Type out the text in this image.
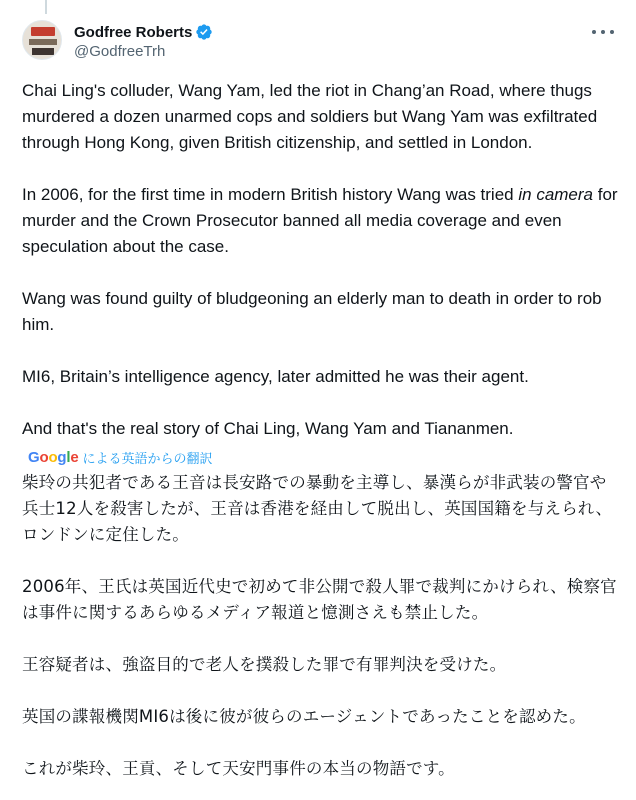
Godfree Roberts
@GodfreeTrh

Chai Ling's colluder, Wang Yam, led the riot in Chang’an Road, where thugs murdered a dozen unarmed cops and soldiers but Wang Yam was exfiltrated through Hong Kong, given British citizenship, and settled in London.

In 2006, for the first time in modern British history Wang was tried in camera for murder and the Crown Prosecutor banned all media coverage and even speculation about the case.

Wang was found guilty of bludgeoning an elderly man to death in order to rob him.

MI6, Britain’s intelligence agency, later admitted he was their agent.

And that's the real story of Chai Ling, Wang Yam and Tiananmen.

Google による英語からの翻訳

柴玲の共犯者である王音は長安路での暴動を主導し、暴漢らが非武装の警官や兵士12人を殺害したが、王音は香港を経由して脱出し、英国国籍を与えられ、ロンドンに定住した。

2006年、王氏は英国近代史で初めて非公開で殺人罪で裁判にかけられ、検察官は事件に関するあらゆるメディア報道と憶測さえも禁止した。

王容疑者は、強盗目的で老人を撲殺した罪で有罪判決を受けた。

英国の諜報機関MI6は後に彼が彼らのエージェントであったことを認めた。

これが柴玲、王貢、そして天安門事件の本当の物語です。
